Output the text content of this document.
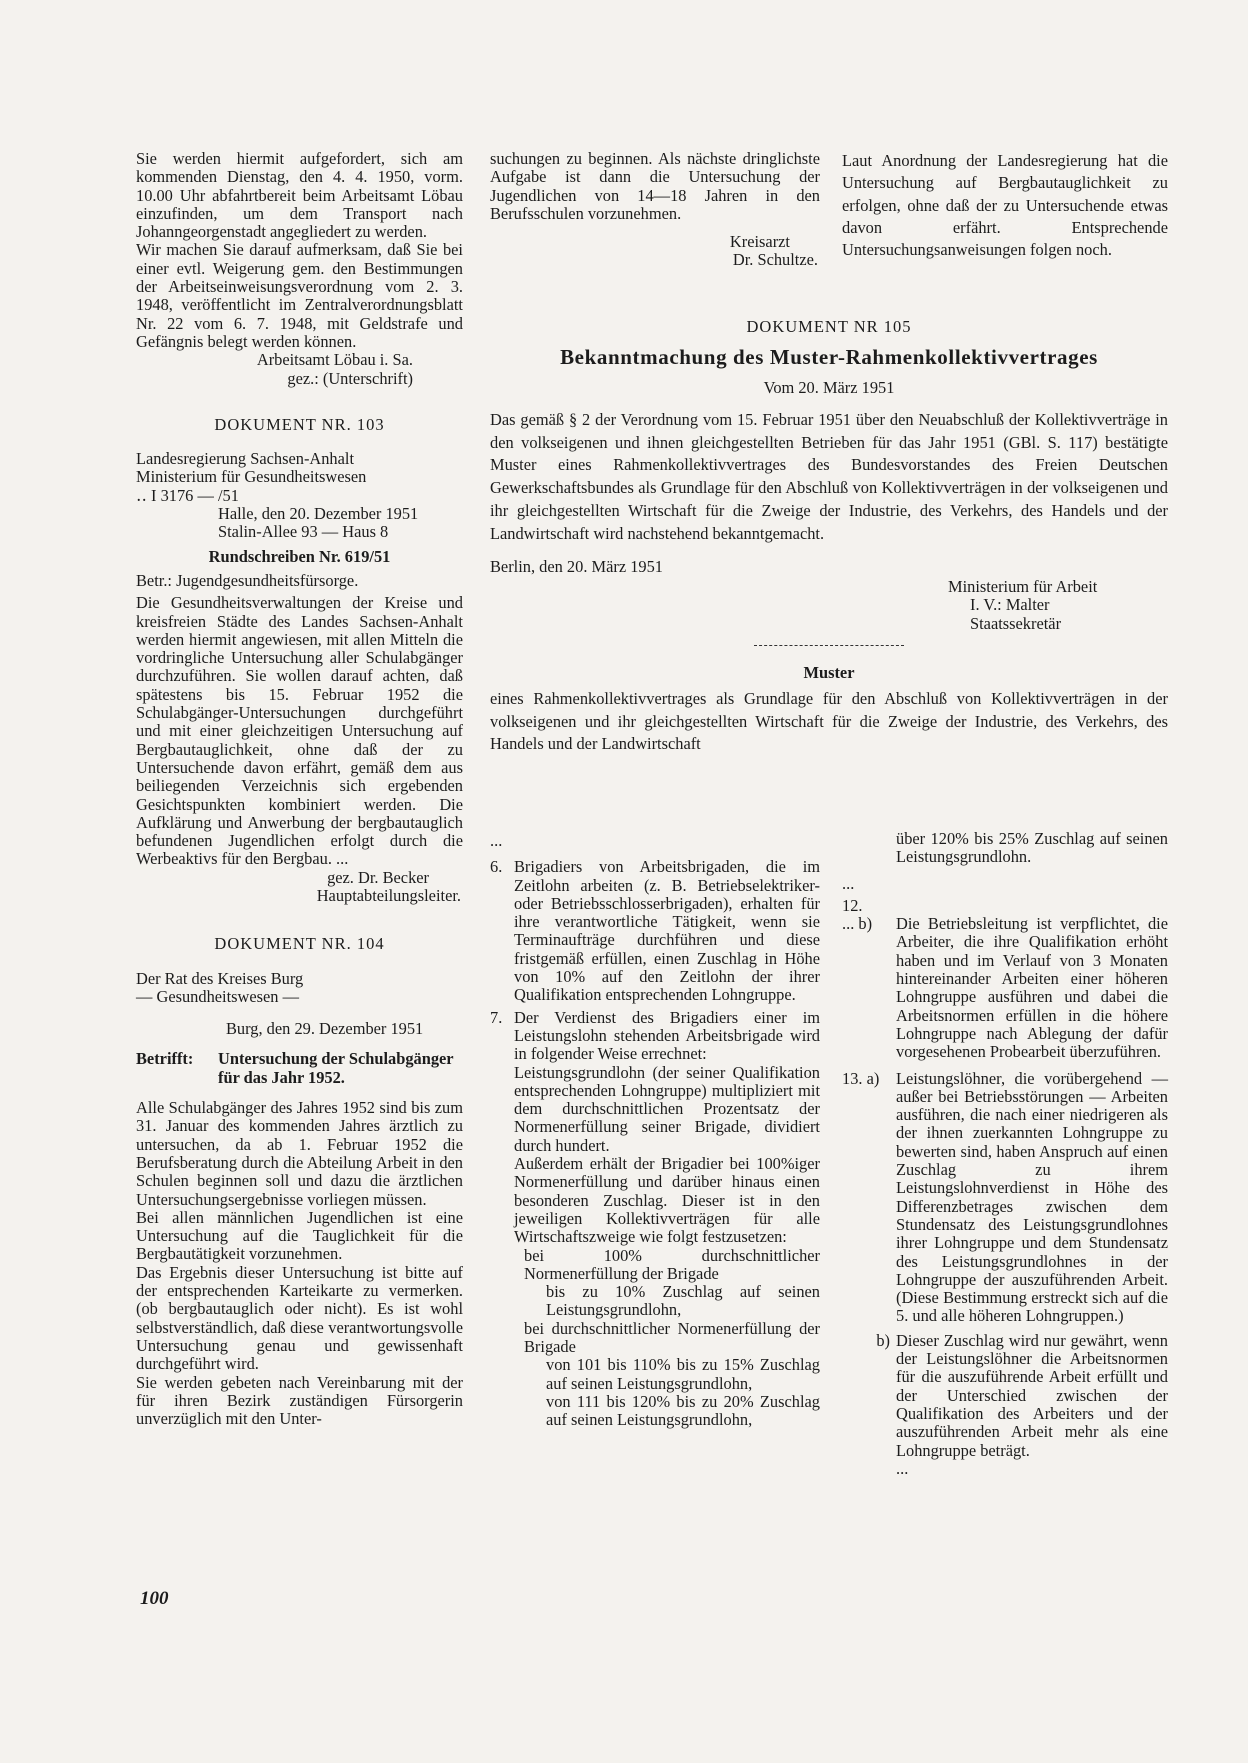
Sie werden hiermit aufgefordert, sich am kommenden Dienstag, den 4. 4. 1950, vorm. 10.00 Uhr abfahrtbereit beim Arbeitsamt Löbau einzufinden, um dem Transport nach Johanngeorgenstadt angegliedert zu werden.

Wir machen Sie darauf aufmerksam, daß Sie bei einer evtl. Weigerung gem. den Bestimmungen der Arbeitseinweisungsverordnung vom 2. 3. 1948, veröffentlicht im Zentralverordnungsblatt Nr. 22 vom 6. 7. 1948, mit Geldstrafe und Gefängnis belegt werden können.

Arbeitsamt Löbau i. Sa.

gez.: (Unterschrift)

DOKUMENT NR. 103

Landesregierung Sachsen-Anhalt

Ministerium für Gesundheitswesen

‥ I 3176 — /51

Halle, den 20. Dezember 1951

Stalin-Allee 93 — Haus 8

Rundschreiben Nr. 619/51

Betr.: Jugendgesundheitsfürsorge.

Die Gesundheitsverwaltungen der Kreise und kreisfreien Städte des Landes Sachsen-Anhalt werden hiermit angewiesen, mit allen Mitteln die vordringliche Untersuchung aller Schulabgänger durchzuführen. Sie wollen darauf achten, daß spätestens bis 15. Februar 1952 die Schulabgänger-Untersuchungen durchgeführt und mit einer gleichzeitigen Untersuchung auf Bergbautauglichkeit, ohne daß der zu Untersuchende davon erfährt, gemäß dem aus beiliegenden Verzeichnis sich ergebenden Gesichtspunkten kombiniert werden. Die Aufklärung und Anwerbung der bergbautauglich befundenen Jugendlichen erfolgt durch die Werbeaktivs für den Bergbau. ...

gez. Dr. Becker

Hauptabteilungsleiter.

DOKUMENT NR. 104

Der Rat des Kreises Burg

— Gesundheitswesen —

Burg, den 29. Dezember 1951

Betrifft:	Untersuchung der Schulabgänger
für das Jahr 1952.

Alle Schulabgänger des Jahres 1952 sind bis zum 31. Januar des kommenden Jahres ärztlich zu untersuchen, da ab 1. Februar 1952 die Berufsberatung durch die Abteilung Arbeit in den Schulen beginnen soll und dazu die ärztlichen Untersuchungsergebnisse vorliegen müssen.

Bei allen männlichen Jugendlichen ist eine Untersuchung auf die Tauglichkeit für die Bergbautätigkeit vorzunehmen.

Das Ergebnis dieser Untersuchung ist bitte auf der entsprechenden Karteikarte zu vermerken. (ob bergbautauglich oder nicht). Es ist wohl selbstverständlich, daß diese verantwortungsvolle Untersuchung genau und gewissenhaft durchgeführt wird.

Sie werden gebeten nach Vereinbarung mit der für ihren Bezirk zuständigen Fürsorgerin unverzüglich mit den Unter-

suchungen zu beginnen. Als nächste dringlichste Aufgabe ist dann die Untersuchung der Jugendlichen von 14—18 Jahren in den Berufsschulen vorzunehmen.

Kreisarzt

Dr. Schultze.

Laut Anordnung der Landesregierung hat die Untersuchung auf Bergbautauglichkeit zu erfolgen, ohne daß der zu Untersuchende etwas davon erfährt. Entsprechende Untersuchungsanweisungen folgen noch.

DOKUMENT NR 105

Bekanntmachung des Muster-Rahmenkollektivvertrages

Vom 20. März 1951

Das gemäß § 2 der Verordnung vom 15. Februar 1951 über den Neuabschluß der Kollektivverträge in den volkseigenen und ihnen gleichgestellten Betrieben für das Jahr 1951 (GBl. S. 117) bestätigte Muster eines Rahmenkollektivvertrages des Bundesvorstandes des Freien Deutschen Gewerkschaftsbundes als Grundlage für den Abschluß von Kollektivverträgen in der volkseigenen und ihr gleichgestellten Wirtschaft für die Zweige der Industrie, des Verkehrs, des Handels und der Landwirtschaft wird nachstehend bekanntgemacht.

Berlin, den 20. März 1951

Ministerium für Arbeit

I. V.: Malter

Staatssekretär

Muster

eines Rahmenkollektivvertrages als Grundlage für den Abschluß von Kollektivverträgen in der volkseigenen und ihr gleichgestellten Wirtschaft für die Zweige der Industrie, des Verkehrs, des Handels und der Landwirtschaft

...

6. Brigadiers von Arbeitsbrigaden, die im Zeitlohn arbeiten (z. B. Betriebselektriker- oder Betriebsschlosserbrigaden), erhalten für ihre verantwortliche Tätigkeit, wenn sie Terminaufträge durchführen und diese fristgemäß erfüllen, einen Zuschlag in Höhe von 10% auf den Zeitlohn der ihrer Qualifikation entsprechenden Lohngruppe.
7. Der Verdienst des Brigadiers einer im Leistungslohn stehenden Arbeitsbrigade wird in folgender Weise errechnet:

Leistungsgrundlohn (der seiner Qualifikation entsprechenden Lohngruppe) multipliziert mit dem durchschnittlichen Prozentsatz der Normenerfüllung seiner Brigade, dividiert durch hundert.

Außerdem erhält der Brigadier bei 100%iger Normenerfüllung und darüber hinaus einen besonderen Zuschlag. Dieser ist in den jeweiligen Kollektivverträgen für alle Wirtschaftszweige wie folgt festzusetzen:

bei 100% durchschnittlicher Normenerfüllung der Brigade

bis zu 10% Zuschlag auf seinen Leistungsgrundlohn,

bei durchschnittlicher Normenerfüllung der Brigade

von 101 bis 110% bis zu 15% Zuschlag auf seinen Leistungsgrundlohn,

von 111 bis 120% bis zu 20% Zuschlag auf seinen Leistungsgrundlohn,

über 120% bis 25% Zuschlag auf seinen Leistungsgrundlohn.

...

12.

... b)	Die Betriebsleitung ist verpflichtet, die Arbeiter, die ihre Qualifikation erhöht haben und im Verlauf von 3 Monaten hintereinander Arbeiten einer höheren Lohngruppe ausführen und dabei die Arbeitsnormen erfüllen in die höhere Lohngruppe nach Ablegung der dafür vorgesehenen Probearbeit überzuführen.
13. a)	Leistungslöhner, die vorübergehend — außer bei Betriebsstörungen — Arbeiten ausführen, die nach einer niedrigeren als der ihnen zuerkannten Lohngruppe zu bewerten sind, haben Anspruch auf einen Zuschlag zu ihrem Leistungslohnverdienst in Höhe des Differenzbetrages zwischen dem Stundensatz des Leistungsgrundlohnes ihrer Lohngruppe und dem Stundensatz des Leistungsgrundlohnes in der Lohngruppe der auszuführenden Arbeit. (Diese Bestimmung erstreckt sich auf die 5. und alle höheren Lohngruppen.)
b) Dieser Zuschlag wird nur gewährt, wenn der Leistungslöhner die Arbeitsnormen für die auszuführende Arbeit erfüllt und der Unterschied zwischen der Qualifikation des Arbeiters und der auszuführenden Arbeit mehr als eine Lohngruppe beträgt.

...

100
